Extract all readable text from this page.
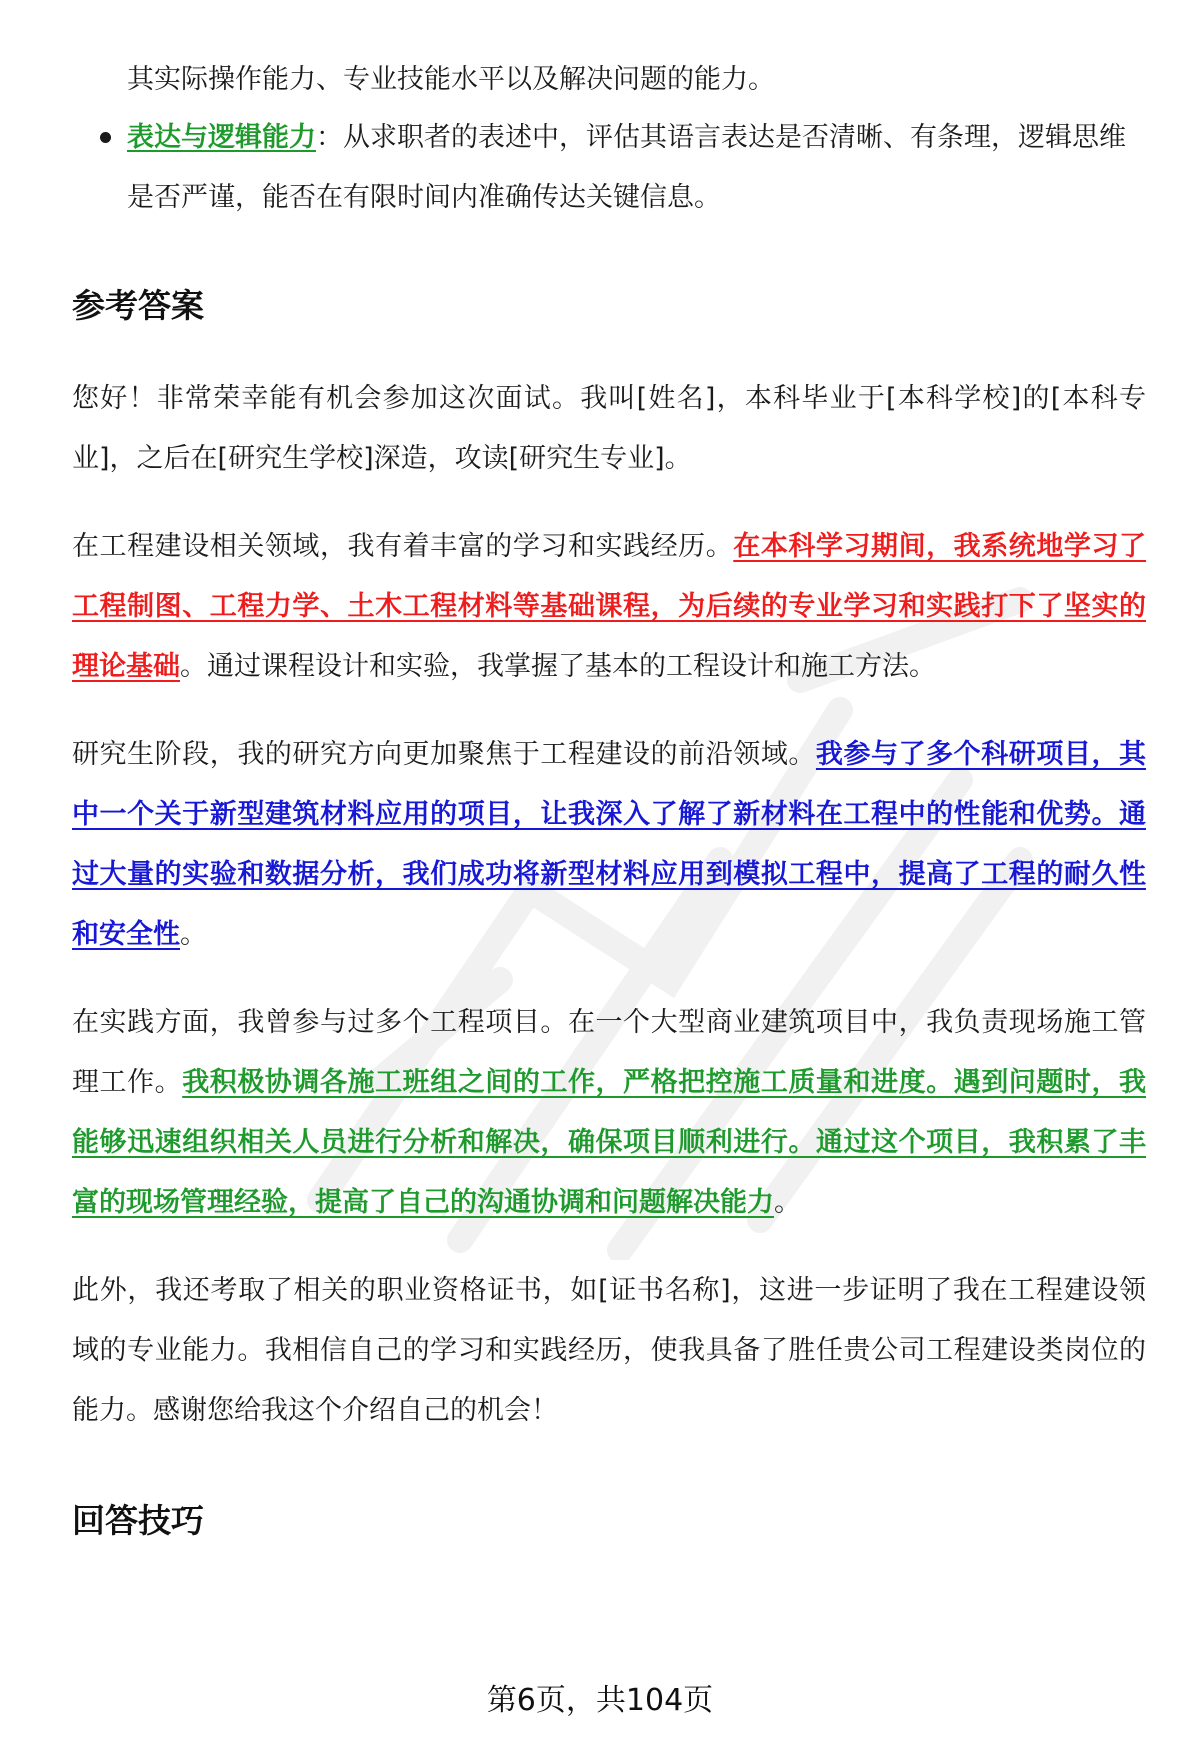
其实际操作能力、专业技能水平以及解决问题的能力。

表达与逻辑能力：从求职者的表述中，评估其语言表达是否清晰、有条理，逻辑思维是否严谨，能否在有限时间内准确传达关键信息。
参考答案

您好！非常荣幸能有机会参加这次面试。我叫[姓名]，本科毕业于[本科学校]的[本科专业]，之后在[研究生学校]深造，攻读[研究生专业]。

在工程建设相关领域，我有着丰富的学习和实践经历。在本科学习期间，我系统地学习了工程制图、工程力学、土木工程材料等基础课程，为后续的专业学习和实践打下了坚实的理论基础。通过课程设计和实验，我掌握了基本的工程设计和施工方法。

研究生阶段，我的研究方向更加聚焦于工程建设的前沿领域。我参与了多个科研项目，其中一个关于新型建筑材料应用的项目，让我深入了解了新材料在工程中的性能和优势。通过大量的实验和数据分析，我们成功将新型材料应用到模拟工程中，提高了工程的耐久性和安全性。

在实践方面，我曾参与过多个工程项目。在一个大型商业建筑项目中，我负责现场施工管理工作。我积极协调各施工班组之间的工作，严格把控施工质量和进度。遇到问题时，我能够迅速组织相关人员进行分析和解决，确保项目顺利进行。通过这个项目，我积累了丰富的现场管理经验，提高了自己的沟通协调和问题解决能力。

此外，我还考取了相关的职业资格证书，如[证书名称]，这进一步证明了我在工程建设领域的专业能力。我相信自己的学习和实践经历，使我具备了胜任贵公司工程建设类岗位的能力。感谢您给我这个介绍自己的机会！

回答技巧
第6页，共104页
